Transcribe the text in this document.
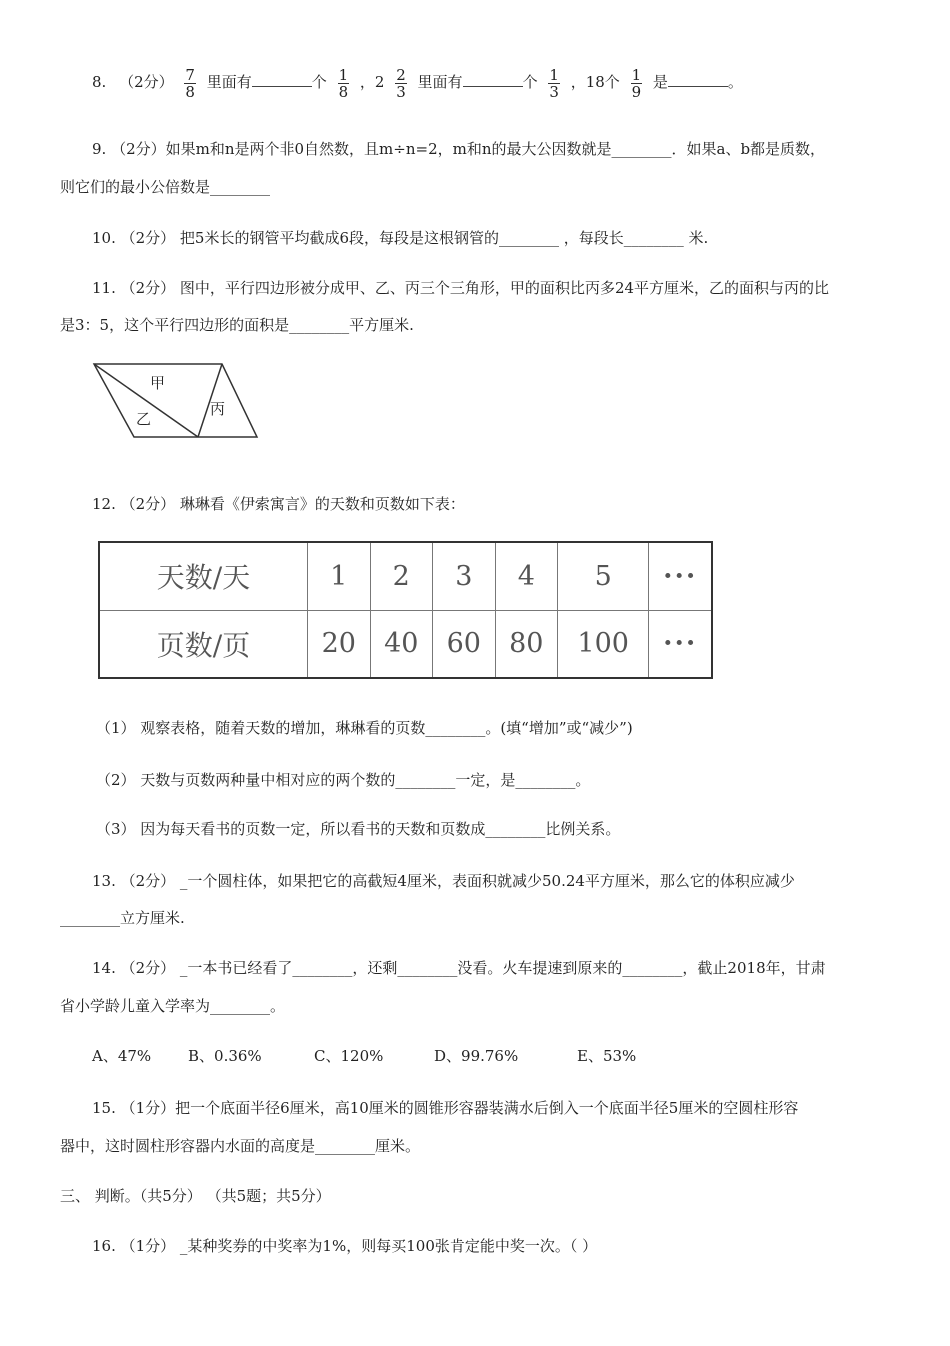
8. （2分） $\frac{7}{8}$ 里面有	个 $\frac{1}{8}$ ，$2 \frac{2}{3}$ 里面有	个 $\frac{1}{3}$ ，18个 $\frac{1}{9}$ 是	。
9. （2分）如果m和n是两个非0自然数，且m÷n=2，m和n的最大公因数就是________．如果a、b都是质数，
则它们的最小公倍数是________
10. （2分） 把5米长的钢管平均截成6段，每段是这根钢管的________ ，每段长________ 米.
11. （2分） 图中，平行四边形被分成甲、乙、丙三个三角形，甲的面积比丙多24平方厘米，乙的面积与丙的比
是3：5，这个平行四边形的面积是________平方厘米.
甲
乙
丙
12. （2分） 琳琳看《伊索寓言》的天数和页数如下表：
天数/天	1	2	3	4	5	···
页数/页	20	40	60	80	100	···
（1） 观察表格，随着天数的增加，琳琳看的页数________。(填“增加”或“减少”)
（2） 天数与页数两种量中相对应的两个数的________一定，是________。
（3） 因为每天看书的页数一定，所以看书的天数和页数成________比例关系。
13. （2分） _一个圆柱体，如果把它的高截短4厘米，表面积就减少50.24平方厘米，那么它的体积应减少
________立方厘米.
14. （2分） _一本书已经看了________，还剩________没看。火车提速到原来的________，截止2018年，甘肃
省小学龄儿童入学率为________。
A、47% B、0.36%	C、120%	D、99.76%	E、53%
15. （1分）把一个底面半径6厘米，高10厘米的圆锥形容器装满水后倒入一个底面半径5厘米的空圆柱形容
器中，这时圆柱形容器内水面的高度是________厘米。
三、 判断。（共5分） （共5题；共5分）
16. （1分） _某种奖券的中奖率为1%，则每买100张肯定能中奖一次。（ ）
